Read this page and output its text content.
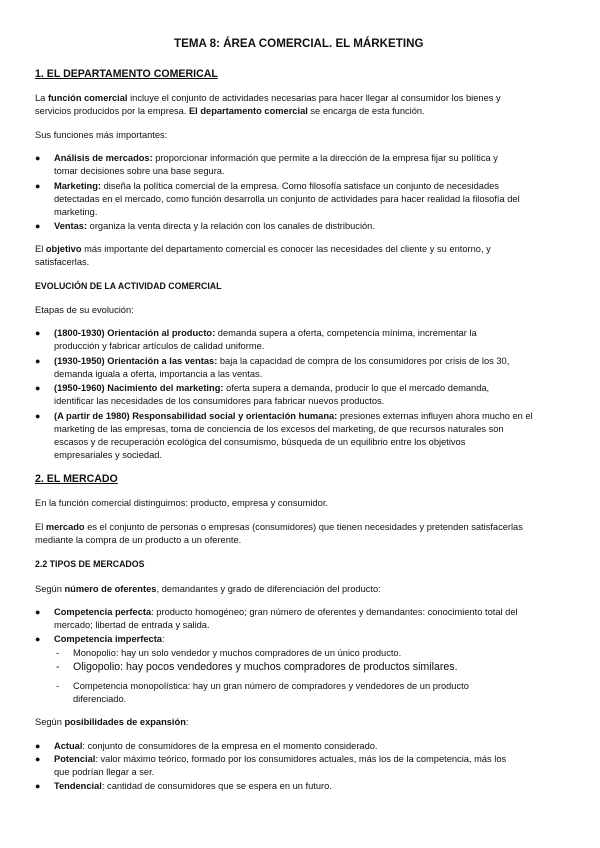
TEMA 8: ÁREA COMERCIAL. EL MÁRKETING

1. EL DEPARTAMENTO COMERICAL

La función comercial incluye el conjunto de actividades necesarias para hacer llegar al consumidor los bienes y

servicios producidos por la empresa. El departamento comercial se encarga de esta función.

Sus funciones más importantes:

● Análisis de mercados: proporcionar información que permite a la dirección de la empresa fijar su política y

tomar decisiones sobre una base segura.

● Marketing: diseña la política comercial de la empresa. Como filosofía satisface un conjunto de necesidades

detectadas en el mercado, como función desarrolla un conjunto de actividades para hacer realidad la filosofía del

marketing.

● Ventas: organiza la venta directa y la relación con los canales de distribución.

El objetivo más importante del departamento comercial es conocer las necesidades del cliente y su entorno, y

satisfacerlas.

EVOLUCIÓN DE LA ACTIVIDAD COMERCIAL

Etapas de su evolución:

● (1800-1930) Orientación al producto: demanda supera a oferta, competencia mínima, incrementar la

producción y fabricar artículos de calidad uniforme.

● (1930-1950) Orientación a las ventas: baja la capacidad de compra de los consumidores por crisis de los 30,

demanda iguala a oferta, importancia a las ventas.

● (1950-1960) Nacimiento del marketing: oferta supera a demanda, producir lo que el mercado demanda,

identificar las necesidades de los consumidores para fabricar nuevos productos.

● (A partir de 1980) Responsabilidad social y orientación humana: presiones externas influyen ahora mucho en el

marketing de las empresas, toma de conciencia de los excesos del marketing, de que recursos naturales son

escasos y de recuperación ecológica del consumismo, búsqueda de un equilibrio entre los objetivos

empresariales y sociedad.

2. EL MERCADO

En la función comercial distinguimos: producto, empresa y consumidor.

El mercado es el conjunto de personas o empresas (consumidores) que tienen necesidades y pretenden satisfacerlas

mediante la compra de un producto a un oferente.

2.2 TIPOS DE MERCADOS

Según número de oferentes, demandantes y grado de diferenciación del producto:

● Competencia perfecta: producto homogéneo; gran número de oferentes y demandantes: conocimiento total del

mercado; libertad de entrada y salida.

● Competencia imperfecta:

- Monopolio: hay un solo vendedor y muchos compradores de un único producto.

- Oligopolio: hay pocos vendedores y muchos compradores de productos similares.

- Competencia monopolística: hay un gran número de compradores y vendedores de un producto

diferenciado.

Según posibilidades de expansión:

● Actual: conjunto de consumidores de la empresa en el momento considerado.

● Potencial: valor máximo teórico, formado por los consumidores actuales, más los de la competencia, más los

que podrían llegar a ser.

● Tendencial: cantidad de consumidores que se espera en un futuro.
